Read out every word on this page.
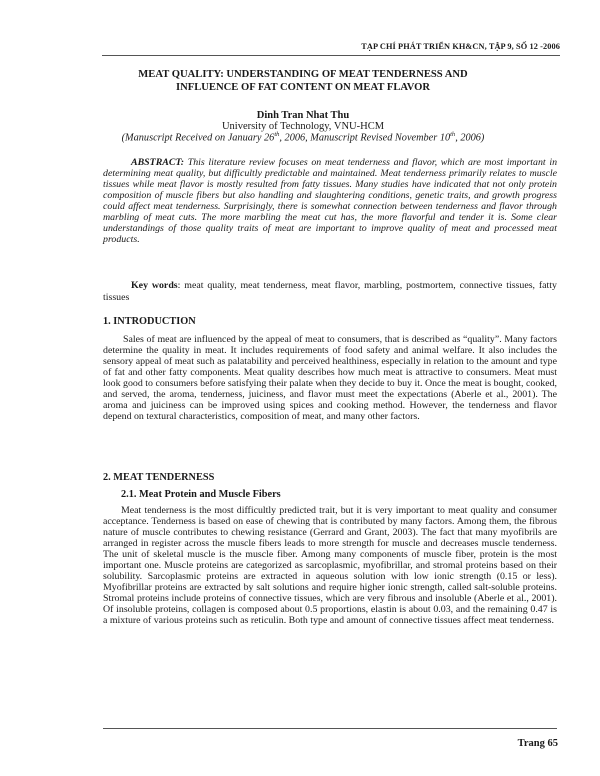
TẠP CHÍ PHÁT TRIỂN KH&CN, TẬP 9, SỐ 12 -2006
MEAT QUALITY: UNDERSTANDING OF MEAT TENDERNESS AND
INFLUENCE OF FAT CONTENT ON MEAT FLAVOR
Dinh Tran Nhat Thu
University of Technology, VNU-HCM
(Manuscript Received on January 26th, 2006, Manuscript Revised November 10th, 2006)
ABSTRACT: This literature review focuses on meat tenderness and flavor, which are most important in determining meat quality, but difficultly predictable and maintained. Meat tenderness primarily relates to muscle tissues while meat flavor is mostly resulted from fatty tissues. Many studies have indicated that not only protein composition of muscle fibers but also handling and slaughtering conditions, genetic traits, and growth progress could affect meat tenderness. Surprisingly, there is somewhat connection between tenderness and flavor through marbling of meat cuts. The more marbling the meat cut has, the more flavorful and tender it is. Some clear understandings of those quality traits of meat are important to improve quality of meat and processed meat products.
Key words: meat quality, meat tenderness, meat flavor, marbling, postmortem, connective tissues, fatty tissues
1. INTRODUCTION
Sales of meat are influenced by the appeal of meat to consumers, that is described as “quality”. Many factors determine the quality in meat. It includes requirements of food safety and animal welfare. It also includes the sensory appeal of meat such as palatability and perceived healthiness, especially in relation to the amount and type of fat and other fatty components. Meat quality describes how much meat is attractive to consumers. Meat must look good to consumers before satisfying their palate when they decide to buy it. Once the meat is bought, cooked, and served, the aroma, tenderness, juiciness, and flavor must meet the expectations (Aberle et al., 2001). The aroma and juiciness can be improved using spices and cooking method. However, the tenderness and flavor depend on textural characteristics, composition of meat, and many other factors.
2. MEAT TENDERNESS
2.1. Meat Protein and Muscle Fibers
Meat tenderness is the most difficultly predicted trait, but it is very important to meat quality and consumer acceptance. Tenderness is based on ease of chewing that is contributed by many factors. Among them, the fibrous nature of muscle contributes to chewing resistance (Gerrard and Grant, 2003). The fact that many myofibrils are arranged in register across the muscle fibers leads to more strength for muscle and decreases muscle tenderness. The unit of skeletal muscle is the muscle fiber. Among many components of muscle fiber, protein is the most important one. Muscle proteins are categorized as sarcoplasmic, myofibrillar, and stromal proteins based on their solubility. Sarcoplasmic proteins are extracted in aqueous solution with low ionic strength (0.15 or less). Myofibrillar proteins are extracted by salt solutions and require higher ionic strength, called salt-soluble proteins. Stromal proteins include proteins of connective tissues, which are very fibrous and insoluble (Aberle et al., 2001). Of insoluble proteins, collagen is composed about 0.5 proportions, elastin is about 0.03, and the remaining 0.47 is a mixture of various proteins such as reticulin. Both type and amount of connective tissues affect meat tenderness.
Trang 65
